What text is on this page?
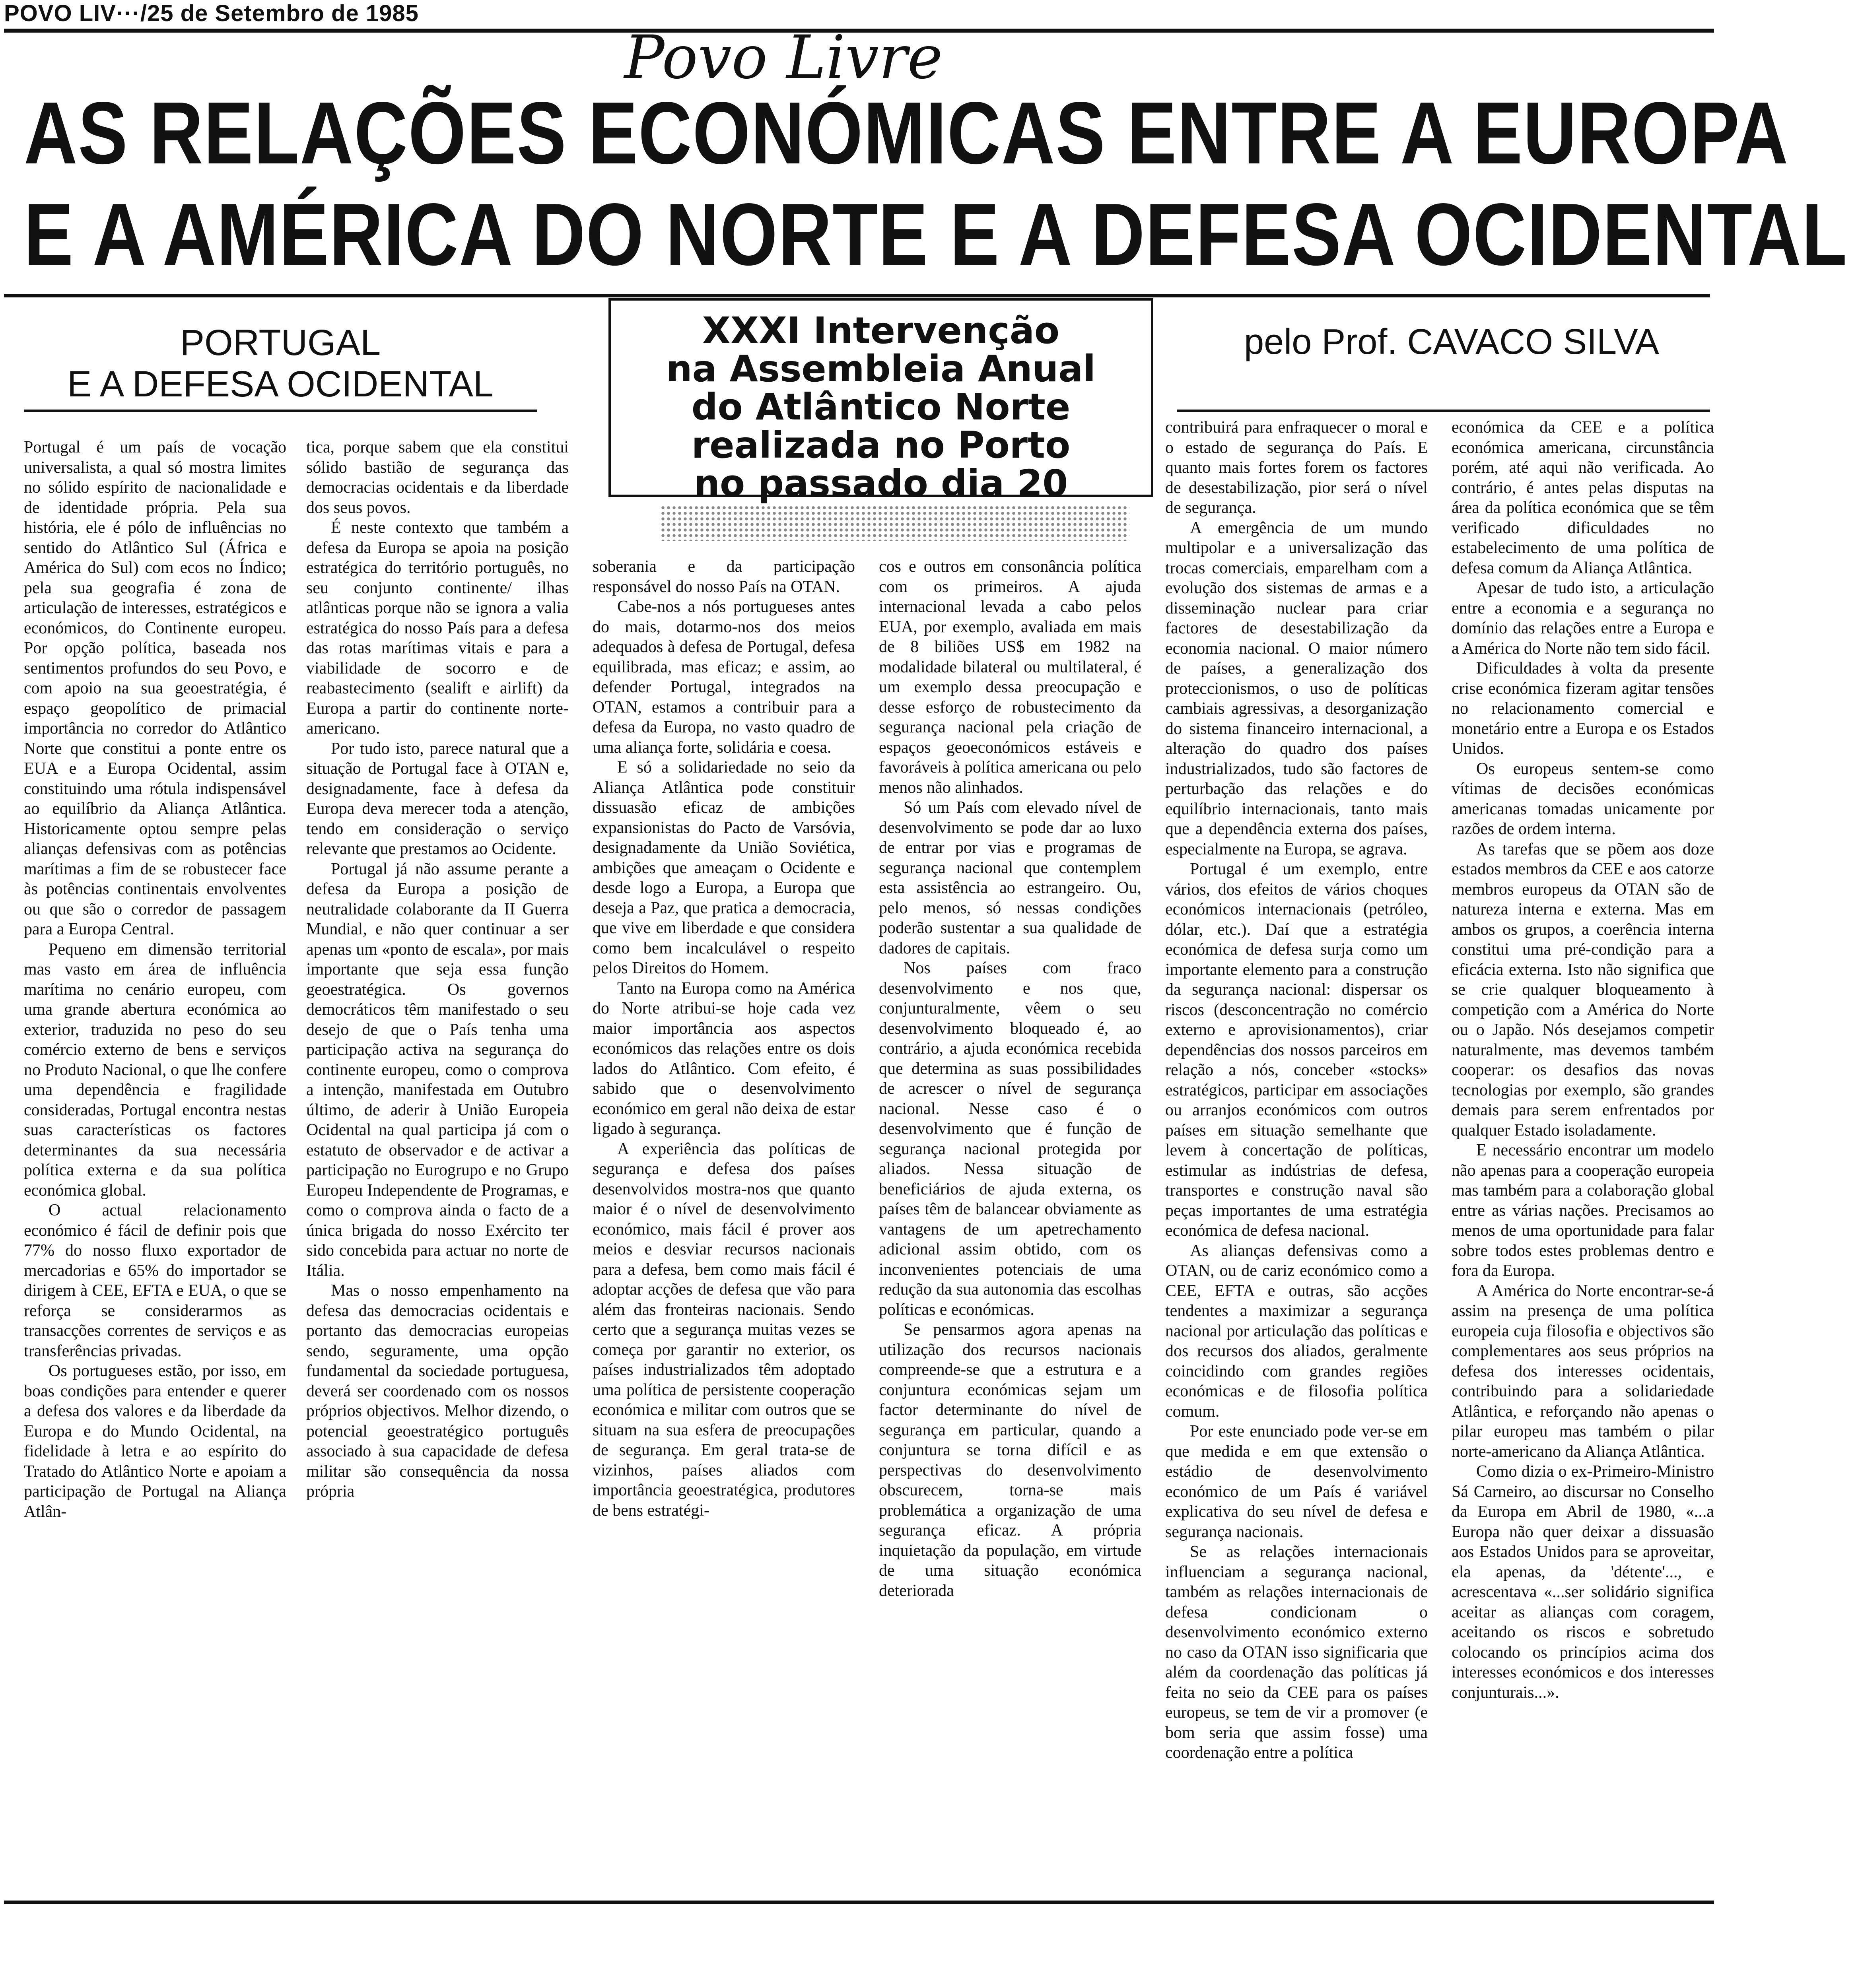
POVO LIV···/25 de Setembro de 1985
Povo Livre
AS RELAÇÕES ECONÓMICAS ENTRE A EUROPA
E A AMÉRICA DO NORTE E A DEFESA OCIDENTAL
PORTUGAL
E A DEFESA OCIDENTAL
XXXI Intervenção
na Assembleia Anual
do Atlântico Norte
realizada no Porto
no passado dia 20
pelo Prof. CAVACO SILVA

Portugal é um país de vocação universalista, a qual só mostra limites no sólido espírito de nacionalidade e de identidade própria. Pela sua história, ele é pólo de influências no sentido do Atlântico Sul (África e América do Sul) com ecos no Índico; pela sua geografia é zona de articulação de interesses, estratégicos e económicos, do Continente europeu. Por opção política, baseada nos sentimentos profundos do seu Povo, e com apoio na sua geoestratégia, é espaço geopolítico de primacial importância no corredor do Atlântico Norte que constitui a ponte entre os EUA e a Europa Ocidental, assim constituindo uma rótula indispensável ao equilíbrio da Aliança Atlântica. Historicamente optou sempre pelas alianças defensivas com as potências marítimas a fim de se robustecer face às potências continentais envolventes ou que são o corredor de passagem para a Europa Central.

Pequeno em dimensão territorial mas vasto em área de influência marítima no cenário europeu, com uma grande abertura económica ao exterior, traduzida no peso do seu comércio externo de bens e serviços no Produto Nacional, o que lhe confere uma dependência e fragilidade consideradas, Portugal encontra nestas suas características os factores determinantes da sua necessária política externa e da sua política económica global.

O actual relacionamento económico é fácil de definir pois que 77% do nosso fluxo exportador de mercadorias e 65% do importador se dirigem à CEE, EFTA e EUA, o que se reforça se considerarmos as transacções correntes de serviços e as transferências privadas.

Os portugueses estão, por isso, em boas condições para entender e querer a defesa dos valores e da liberdade da Europa e do Mundo Ocidental, na fidelidade à letra e ao espírito do Tratado do Atlântico Norte e apoiam a participação de Portugal na Aliança Atlân-

tica, porque sabem que ela constitui sólido bastião de segurança das democracias ocidentais e da liberdade dos seus povos.

É neste contexto que também a defesa da Europa se apoia na posição estratégica do território português, no seu conjunto continente/ ilhas atlânticas porque não se ignora a valia estratégica do nosso País para a defesa das rotas marítimas vitais e para a viabilidade de socorro e de reabastecimento (sealift e airlift) da Europa a partir do continente norte-americano.

Por tudo isto, parece natural que a situação de Portugal face à OTAN e, designadamente, face à defesa da Europa deva merecer toda a atenção, tendo em consideração o serviço relevante que prestamos ao Ocidente.

Portugal já não assume perante a defesa da Europa a posição de neutralidade colaborante da II Guerra Mundial, e não quer continuar a ser apenas um «ponto de escala», por mais importante que seja essa função geoestratégica. Os governos democráticos têm manifestado o seu desejo de que o País tenha uma participação activa na segurança do continente europeu, como o comprova a intenção, manifestada em Outubro último, de aderir à União Europeia Ocidental na qual participa já com o estatuto de observador e de activar a participação no Eurogrupo e no Grupo Europeu Independente de Programas, e como o comprova ainda o facto de a única brigada do nosso Exército ter sido concebida para actuar no norte de Itália.

Mas o nosso empenhamento na defesa das democracias ocidentais e portanto das democracias europeias sendo, seguramente, uma opção fundamental da sociedade portuguesa, deverá ser coordenado com os nossos próprios objectivos. Melhor dizendo, o potencial geoestratégico português associado à sua capacidade de defesa militar são consequência da nossa própria

soberania e da participação responsável do nosso País na OTAN.

Cabe-nos a nós portugueses antes do mais, dotarmo-nos dos meios adequados à defesa de Portugal, defesa equilibrada, mas eficaz; e assim, ao defender Portugal, integrados na OTAN, estamos a contribuir para a defesa da Europa, no vasto quadro de uma aliança forte, solidária e coesa.

E só a solidariedade no seio da Aliança Atlântica pode constituir dissuasão eficaz de ambições expansionistas do Pacto de Varsóvia, designadamente da União Soviética, ambições que ameaçam o Ocidente e desde logo a Europa, a Europa que deseja a Paz, que pratica a democracia, que vive em liberdade e que considera como bem incalculável o respeito pelos Direitos do Homem.

Tanto na Europa como na América do Norte atribui-se hoje cada vez maior importância aos aspectos económicos das relações entre os dois lados do Atlântico. Com efeito, é sabido que o desenvolvimento económico em geral não deixa de estar ligado à segurança.

A experiência das políticas de segurança e defesa dos países desenvolvidos mostra-nos que quanto maior é o nível de desenvolvimento económico, mais fácil é prover aos meios e desviar recursos nacionais para a defesa, bem como mais fácil é adoptar acções de defesa que vão para além das fronteiras nacionais. Sendo certo que a segurança muitas vezes se começa por garantir no exterior, os países industrializados têm adoptado uma política de persistente cooperação económica e militar com outros que se situam na sua esfera de preocupações de segurança. Em geral trata-se de vizinhos, países aliados com importância geoestratégica, produtores de bens estratégi-

cos e outros em consonância política com os primeiros. A ajuda internacional levada a cabo pelos EUA, por exemplo, avaliada em mais de 8 biliões US$ em 1982 na modalidade bilateral ou multilateral, é um exemplo dessa preocupação e desse esforço de robustecimento da segurança nacional pela criação de espaços geoeconómicos estáveis e favoráveis à política americana ou pelo menos não alinhados.

Só um País com elevado nível de desenvolvimento se pode dar ao luxo de entrar por vias e programas de segurança nacional que contemplem esta assistência ao estrangeiro. Ou, pelo menos, só nessas condições poderão sustentar a sua qualidade de dadores de capitais.

Nos países com fraco desenvolvimento e nos que, conjunturalmente, vêem o seu desenvolvimento bloqueado é, ao contrário, a ajuda económica recebida que determina as suas possibilidades de acrescer o nível de segurança nacional. Nesse caso é o desenvolvimento que é função de segurança nacional protegida por aliados. Nessa situação de beneficiários de ajuda externa, os países têm de balancear obviamente as vantagens de um apetrechamento adicional assim obtido, com os inconvenientes potenciais de uma redução da sua autonomia das escolhas políticas e económicas.

Se pensarmos agora apenas na utilização dos recursos nacionais compreende-se que a estrutura e a conjuntura económicas sejam um factor determinante do nível de segurança em particular, quando a conjuntura se torna difícil e as perspectivas do desenvolvimento obscurecem, torna-se mais problemática a organização de uma segurança eficaz. A própria inquietação da população, em virtude de uma situação económica deteriorada

contribuirá para enfraquecer o moral e o estado de segurança do País. E quanto mais fortes forem os factores de desestabilização, pior será o nível de segurança.

A emergência de um mundo multipolar e a universalização das trocas comerciais, emparelham com a evolução dos sistemas de armas e a disseminação nuclear para criar factores de desestabilização da economia nacional. O maior número de países, a generalização dos proteccionismos, o uso de políticas cambiais agressivas, a desorganização do sistema financeiro internacional, a alteração do quadro dos países industrializados, tudo são factores de perturbação das relações e do equilíbrio internacionais, tanto mais que a dependência externa dos países, especialmente na Europa, se agrava.

Portugal é um exemplo, entre vários, dos efeitos de vários choques económicos internacionais (petróleo, dólar, etc.). Daí que a estratégia económica de defesa surja como um importante elemento para a construção da segurança nacional: dispersar os riscos (desconcentração no comércio externo e aprovisionamentos), criar dependências dos nossos parceiros em relação a nós, conceber «stocks» estratégicos, participar em associações ou arranjos económicos com outros países em situação semelhante que levem à concertação de políticas, estimular as indústrias de defesa, transportes e construção naval são peças importantes de uma estratégia económica de defesa nacional.

As alianças defensivas como a OTAN, ou de cariz económico como a CEE, EFTA e outras, são acções tendentes a maximizar a segurança nacional por articulação das políticas e dos recursos dos aliados, geralmente coincidindo com grandes regiões económicas e de filosofia política comum.

Por este enunciado pode ver-se em que medida e em que extensão o estádio de desenvolvimento económico de um País é variável explicativa do seu nível de defesa e segurança nacionais.

Se as relações internacionais influenciam a segurança nacional, também as relações internacionais de defesa condicionam o desenvolvimento económico externo no caso da OTAN isso significaria que além da coordenação das políticas já feita no seio da CEE para os países europeus, se tem de vir a promover (e bom seria que assim fosse) uma coordenação entre a política

económica da CEE e a política económica americana, circunstância porém, até aqui não verificada. Ao contrário, é antes pelas disputas na área da política económica que se têm verificado dificuldades no estabelecimento de uma política de defesa comum da Aliança Atlântica.

Apesar de tudo isto, a articulação entre a economia e a segurança no domínio das relações entre a Europa e a América do Norte não tem sido fácil.

Dificuldades à volta da presente crise económica fizeram agitar tensões no relacionamento comercial e monetário entre a Europa e os Estados Unidos.

Os europeus sentem-se como vítimas de decisões económicas americanas tomadas unicamente por razões de ordem interna.

As tarefas que se põem aos doze estados membros da CEE e aos catorze membros europeus da OTAN são de natureza interna e externa. Mas em ambos os grupos, a coerência interna constitui uma pré-condição para a eficácia externa. Isto não significa que se crie qualquer bloqueamento à competição com a América do Norte ou o Japão. Nós desejamos competir naturalmente, mas devemos também cooperar: os desafios das novas tecnologias por exemplo, são grandes demais para serem enfrentados por qualquer Estado isoladamente.

E necessário encontrar um modelo não apenas para a cooperação europeia mas também para a colaboração global entre as várias nações. Precisamos ao menos de uma oportunidade para falar sobre todos estes problemas dentro e fora da Europa.

A América do Norte encontrar-se-á assim na presença de uma política europeia cuja filosofia e objectivos são complementares aos seus próprios na defesa dos interesses ocidentais, contribuindo para a solidariedade Atlântica, e reforçando não apenas o pilar europeu mas também o pilar norte-americano da Aliança Atlântica.

Como dizia o ex-Primeiro-Ministro Sá Carneiro, ao discursar no Conselho da Europa em Abril de 1980, «...a Europa não quer deixar a dissuasão aos Estados Unidos para se aproveitar, ela apenas, da 'détente'..., e acrescentava «...ser solidário significa aceitar as alianças com coragem, aceitando os riscos e sobretudo colocando os princípios acima dos interesses económicos e dos interesses conjunturais...».
